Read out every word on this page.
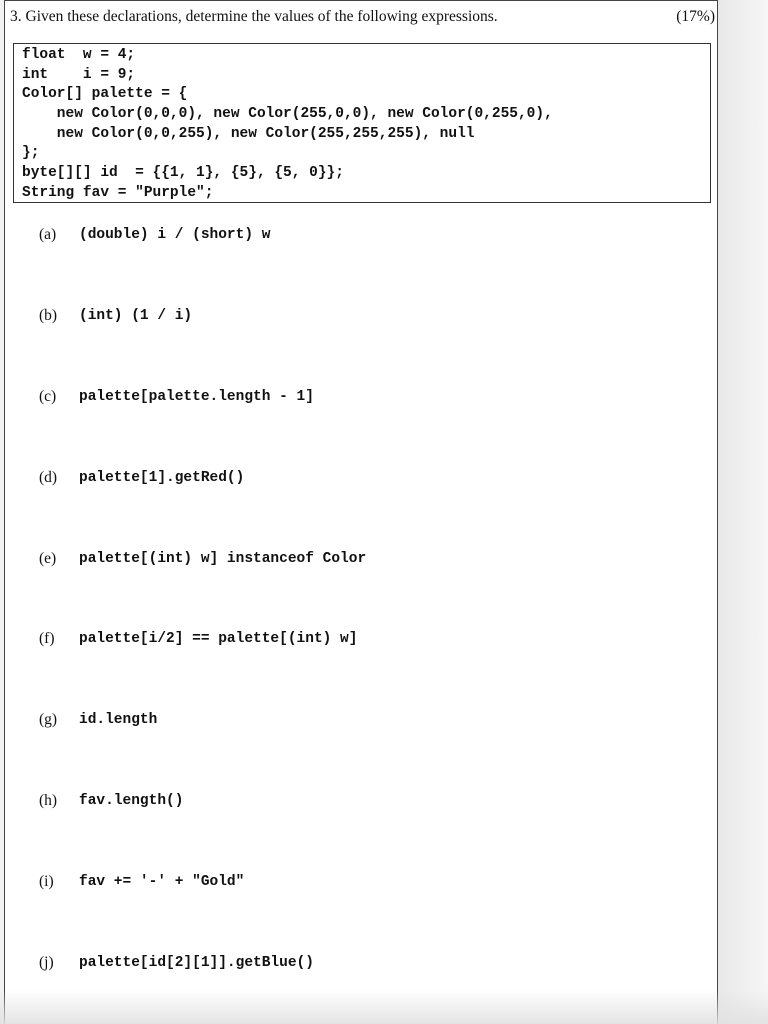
3. Given these declarations, determine the values of the following expressions.	(17%)
float  w = 4;
int    i = 9;
Color[] palette = {
new Color(0,0,0), new Color(255,0,0), new Color(0,255,0),
new Color(0,0,255), new Color(255,255,255), null
};
byte[][] id  = {{1, 1}, {5}, {5, 0}};
String fav = "Purple";
(a)	(double) i / (short) w
(b)	(int) (1 / i)
(c)	palette[palette.length - 1]
(d)	palette[1].getRed()
(e)	palette[(int) w] instanceof Color
(f)	palette[i/2] == palette[(int) w]
(g)	id.length
(h)	fav.length()
(i)	fav += '-' + "Gold"
(j)	palette[id[2][1]].getBlue()
